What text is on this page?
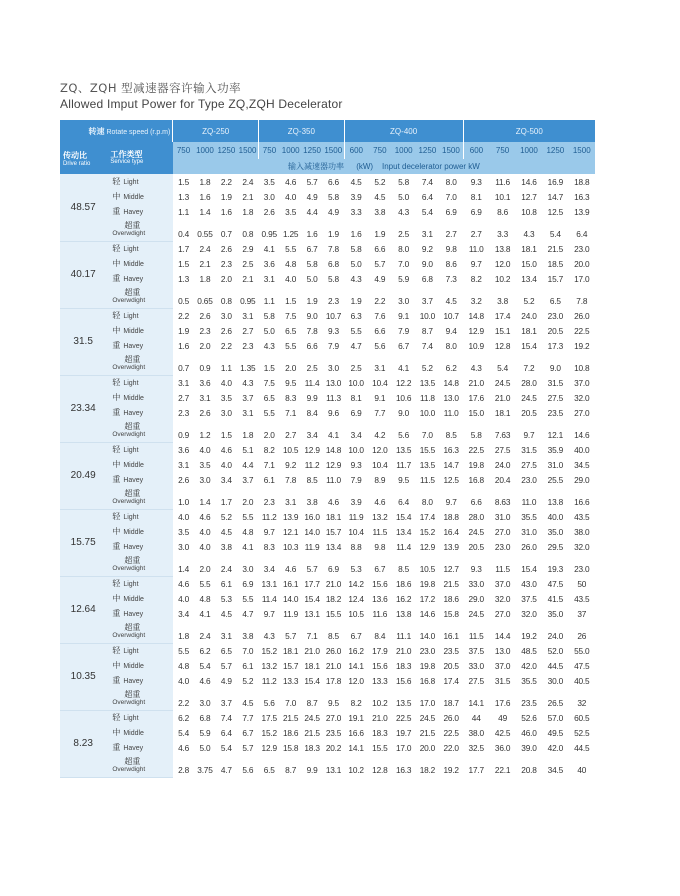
ZQ、ZQH 型减速器容许输入功率
Allowed Imput Power for Type ZQ,ZQH Decelerator
转速 Rotate speed (r.p.m)		ZQ-250				ZQ-350				ZQ-400					ZQ-500				

传动比
Drive ratio	工作类型
Service type	750	1000	1250	1500	750	1000	1250	1500	600	750	1000	1250	1500	600	750	1000	1250	1500
		输入减速器功率 (kW) Input decelerator power kW																	
48.57	轻 Light	1.5	1.8	2.2	2.4	3.5	4.6	5.7	6.6	4.5	5.2	5.8	7.4	8.0	9.3	11.6	14.6	16.9	18.8
	中 Middle	1.3	1.6	1.9	2.1	3.0	4.0	4.9	5.8	3.9	4.5	5.0	6.4	7.0	8.1	10.1	12.7	14.7	16.3
	重 Havey	1.1	1.4	1.6	1.8	2.6	3.5	4.4	4.9	3.3	3.8	4.3	5.4	6.9	6.9	8.6	10.8	12.5	13.9

	超重
Overwdight	0.4	0.55	0.7	0.8	0.95	1.25	1.6	1.9	1.6	1.9	2.5	3.1	2.7	2.7	3.3	4.3	5.4	6.4
40.17	轻 Light	1.7	2.4	2.6	2.9	4.1	5.5	6.7	7.8	5.8	6.6	8.0	9.2	9.8	11.0	13.8	18.1	21.5	23.0
	中 Middle	1.5	2.1	2.3	2.5	3.6	4.8	5.8	6.8	5.0	5.7	7.0	9.0	8.6	9.7	12.0	15.0	18.5	20.0
	重 Havey	1.3	1.8	2.0	2.1	3.1	4.0	5.0	5.8	4.3	4.9	5.9	6.8	7.3	8.2	10.2	13.4	15.7	17.0

	超重
Overwdight	0.5	0.65	0.8	0.95	1.1	1.5	1.9	2.3	1.9	2.2	3.0	3.7	4.5	3.2	3.8	5.2	6.5	7.8
31.5	轻 Light	2.2	2.6	3.0	3.1	5.8	7.5	9.0	10.7	6.3	7.6	9.1	10.0	10.7	14.8	17.4	24.0	23.0	26.0
	中 Middle	1.9	2.3	2.6	2.7	5.0	6.5	7.8	9.3	5.5	6.6	7.9	8.7	9.4	12.9	15.1	18.1	20.5	22.5
	重 Havey	1.6	2.0	2.2	2.3	4.3	5.5	6.6	7.9	4.7	5.6	6.7	7.4	8.0	10.9	12.8	15.4	17.3	19.2

	超重
Overwdight	0.7	0.9	1.1	1.35	1.5	2.0	2.5	3.0	2.5	3.1	4.1	5.2	6.2	4.3	5.4	7.2	9.0	10.8
23.34	轻 Light	3.1	3.6	4.0	4.3	7.5	9.5	11.4	13.0	10.0	10.4	12.2	13.5	14.8	21.0	24.5	28.0	31.5	37.0
	中 Middle	2.7	3.1	3.5	3.7	6.5	8.3	9.9	11.3	8.1	9.1	10.6	11.8	13.0	17.6	21.0	24.5	27.5	32.0
	重 Havey	2.3	2.6	3.0	3.1	5.5	7.1	8.4	9.6	6.9	7.7	9.0	10.0	11.0	15.0	18.1	20.5	23.5	27.0

	超重
Overwdight	0.9	1.2	1.5	1.8	2.0	2.7	3.4	4.1	3.4	4.2	5.6	7.0	8.5	5.8	7.63	9.7	12.1	14.6
20.49	轻 Light	3.6	4.0	4.6	5.1	8.2	10.5	12.9	14.8	10.0	12.0	13.5	15.5	16.3	22.5	27.5	31.5	35.9	40.0
	中 Middle	3.1	3.5	4.0	4.4	7.1	9.2	11.2	12.9	9.3	10.4	11.7	13.5	14.7	19.8	24.0	27.5	31.0	34.5
	重 Havey	2.6	3.0	3.4	3.7	6.1	7.8	8.5	11.0	7.9	8.9	9.5	11.5	12.5	16.8	20.4	23.0	25.5	29.0

	超重
Overwdight	1.0	1.4	1.7	2.0	2.3	3.1	3.8	4.6	3.9	4.6	6.4	8.0	9.7	6.6	8.63	11.0	13.8	16.6
15.75	轻 Light	4.0	4.6	5.2	5.5	11.2	13.9	16.0	18.1	11.9	13.2	15.4	17.4	18.8	28.0	31.0	35.5	40.0	43.5
	中 Middle	3.5	4.0	4.5	4.8	9.7	12.1	14.0	15.7	10.4	11.5	13.4	15.2	16.4	24.5	27.0	31.0	35.0	38.0
	重 Havey	3.0	4.0	3.8	4.1	8.3	10.3	11.9	13.4	8.8	9.8	11.4	12.9	13.9	20.5	23.0	26.0	29.5	32.0

	超重
Overwdight	1.4	2.0	2.4	3.0	3.4	4.6	5.7	6.9	5.3	6.7	8.5	10.5	12.7	9.3	11.5	15.4	19.3	23.0
12.64	轻 Light	4.6	5.5	6.1	6.9	13.1	16.1	17.7	21.0	14.2	15.6	18.6	19.8	21.5	33.0	37.0	43.0	47.5	50
	中 Middle	4.0	4.8	5.3	5.5	11.4	14.0	15.4	18.2	12.4	13.6	16.2	17.2	18.6	29.0	32.0	37.5	41.5	43.5
	重 Havey	3.4	4.1	4.5	4.7	9.7	11.9	13.1	15.5	10.5	11.6	13.8	14.6	15.8	24.5	27.0	32.0	35.0	37

	超重
Overwdight	1.8	2.4	3.1	3.8	4.3	5.7	7.1	8.5	6.7	8.4	11.1	14.0	16.1	11.5	14.4	19.2	24.0	26
10.35	轻 Light	5.5	6.2	6.5	7.0	15.2	18.1	21.0	26.0	16.2	17.9	21.0	23.0	23.5	37.5	13.0	48.5	52.0	55.0
	中 Middle	4.8	5.4	5.7	6.1	13.2	15.7	18.1	21.0	14.1	15.6	18.3	19.8	20.5	33.0	37.0	42.0	44.5	47.5
	重 Havey	4.0	4.6	4.9	5.2	11.2	13.3	15.4	17.8	12.0	13.3	15.6	16.8	17.4	27.5	31.5	35.5	30.0	40.5

	超重
Overwdight	2.2	3.0	3.7	4.5	5.6	7.0	8.7	9.5	8.2	10.2	13.5	17.0	18.7	14.1	17.6	23.5	26.5	32
8.23	轻 Light	6.2	6.8	7.4	7.7	17.5	21.5	24.5	27.0	19.1	21.0	22.5	24.5	26.0	44	49	52.6	57.0	60.5
	中 Middle	5.4	5.9	6.4	6.7	15.2	18.6	21.5	23.5	16.6	18.3	19.7	21.5	22.5	38.0	42.5	46.0	49.5	52.5
	重 Havey	4.6	5.0	5.4	5.7	12.9	15.8	18.3	20.2	14.1	15.5	17.0	20.0	22.0	32.5	36.0	39.0	42.0	44.5

	超重
Overwdight	2.8	3.75	4.7	5.6	6.5	8.7	9.9	13.1	10.2	12.8	16.3	18.2	19.2	17.7	22.1	20.8	34.5	40
